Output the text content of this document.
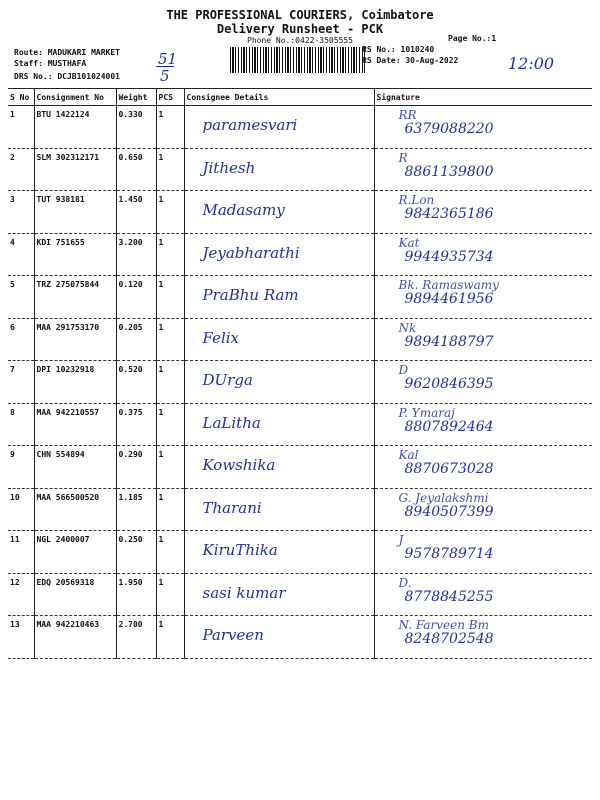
THE PROFESSIONAL COURIERS, Coimbatore
Delivery Runsheet - PCK
Phone No.:0422-3505555	Page No.:1
Route: MADUKARI MARKET
Staff: MUSTHAFA
DRS No.: DCJB101024001
51
5
RS No.: 1010240
RS Date: 30-Aug-2022	12:00
S No	Consignment No	Weight	PCS	Consignee Details	Signature
1	BTU 1422124	0.330	1	paramesvari	RR
6379088220

2	SLM 302312171	0.650	1	Jithesh	R
8861139800

3	TUT 938181	1.450	1	Madasamy	R.Lon
9842365186

4	KDI 751655	3.200	1	Jeyabharathi	Kat
9944935734

5	TRZ 275075844	0.120	1	PraBhu Ram	Bk. Ramaswamy
9894461956

6	MAA 291753170	0.205	1	Felix	Nk
9894188797

7	DPI 10232918	0.520	1	DUrga	D
9620846395

8	MAA 942210557	0.375	1	LaLitha	P. Ymaraj
8807892464

9	CHN 554894	0.290	1	Kowshika	Kal
8870673028

10	MAA 566500520	1.185	1	Tharani	G. Jeyalakshmi
8940507399

11	NGL 2400007	0.250	1	KiruThika	J
9578789714

12	EDQ 20569318	1.950	1	sasi kumar	D.
8778845255

13	MAA 942210463	2.700	1	Parveen	N. Farveen Bm
8248702548
